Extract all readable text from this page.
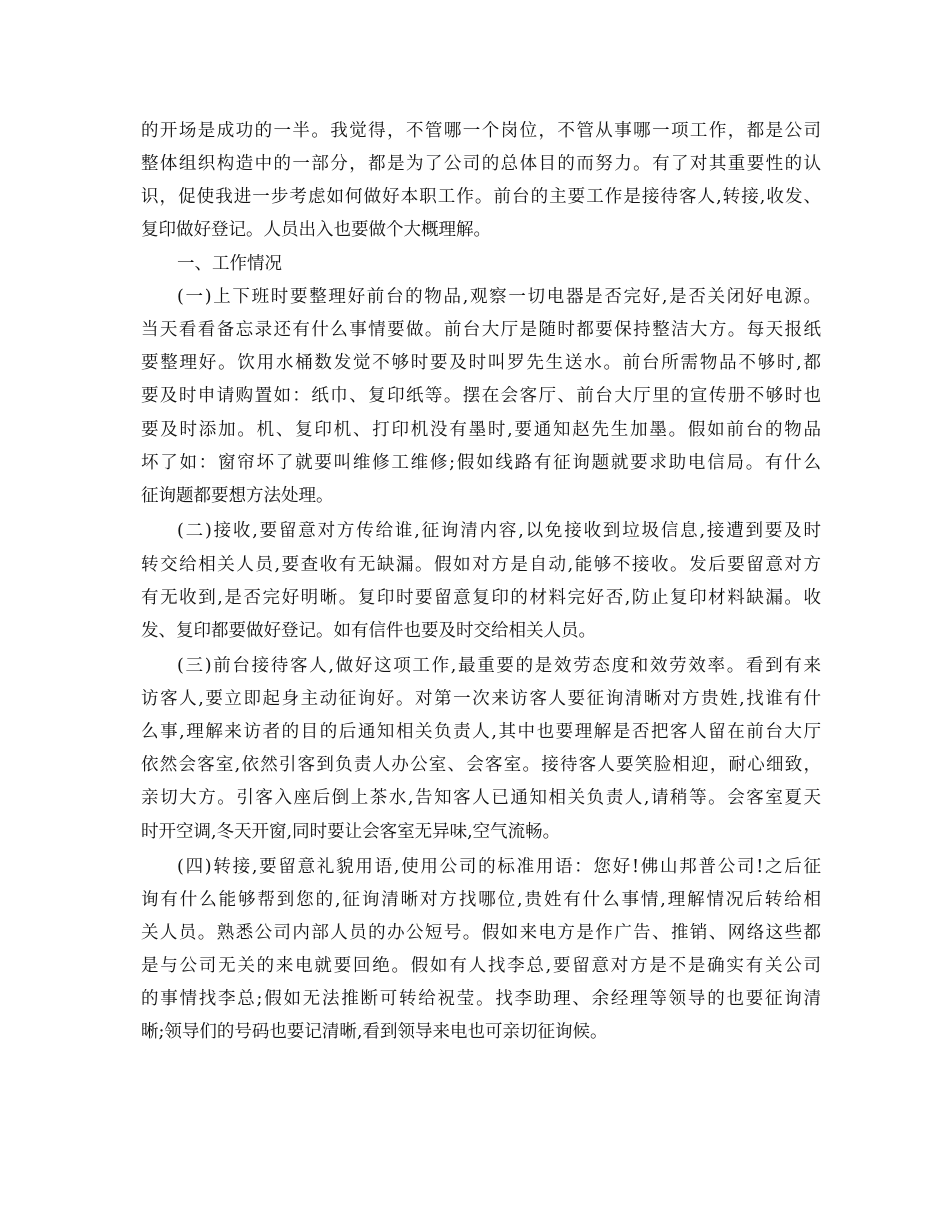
的开场是成功的一半。我觉得，不管哪一个岗位，不管从事哪一项工作，都是公司

整体组织构造中的一部分，都是为了公司的总体目的而努力。有了对其重要性的认

识，促使我进一步考虑如何做好本职工作。前台的主要工作是接待客人,转接,收发、

复印做好登记。人员出入也要做个大概理解。

一、工作情况

(一)上下班时要整理好前台的物品,观察一切电器是否完好,是否关闭好电源。

当天看看备忘录还有什么事情要做。前台大厅是随时都要保持整洁大方。每天报纸

要整理好。饮用水桶数发觉不够时要及时叫罗先生送水。前台所需物品不够时,都

要及时申请购置如：纸巾、复印纸等。摆在会客厅、前台大厅里的宣传册不够时也

要及时添加。机、复印机、打印机没有墨时,要通知赵先生加墨。假如前台的物品

坏了如：窗帘坏了就要叫维修工维修;假如线路有征询题就要求助电信局。有什么

征询题都要想方法处理。

(二)接收,要留意对方传给谁,征询清内容,以免接收到垃圾信息,接遭到要及时

转交给相关人员,要查收有无缺漏。假如对方是自动,能够不接收。发后要留意对方

有无收到,是否完好明晰。复印时要留意复印的材料完好否,防止复印材料缺漏。收

发、复印都要做好登记。如有信件也要及时交给相关人员。

(三)前台接待客人,做好这项工作,最重要的是效劳态度和效劳效率。看到有来

访客人,要立即起身主动征询好。对第一次来访客人要征询清晰对方贵姓,找谁有什

么事,理解来访者的目的后通知相关负责人,其中也要理解是否把客人留在前台大厅

依然会客室,依然引客到负责人办公室、会客室。接待客人要笑脸相迎，耐心细致，

亲切大方。引客入座后倒上茶水,告知客人已通知相关负责人,请稍等。会客室夏天

时开空调,冬天开窗,同时要让会客室无异味,空气流畅。

(四)转接,要留意礼貌用语,使用公司的标准用语：您好!佛山邦普公司!之后征

询有什么能够帮到您的,征询清晰对方找哪位,贵姓有什么事情,理解情况后转给相

关人员。熟悉公司内部人员的办公短号。假如来电方是作广告、推销、网络这些都

是与公司无关的来电就要回绝。假如有人找李总,要留意对方是不是确实有关公司

的事情找李总;假如无法推断可转给祝莹。找李助理、余经理等领导的也要征询清

晰;领导们的号码也要记清晰,看到领导来电也可亲切征询候。
